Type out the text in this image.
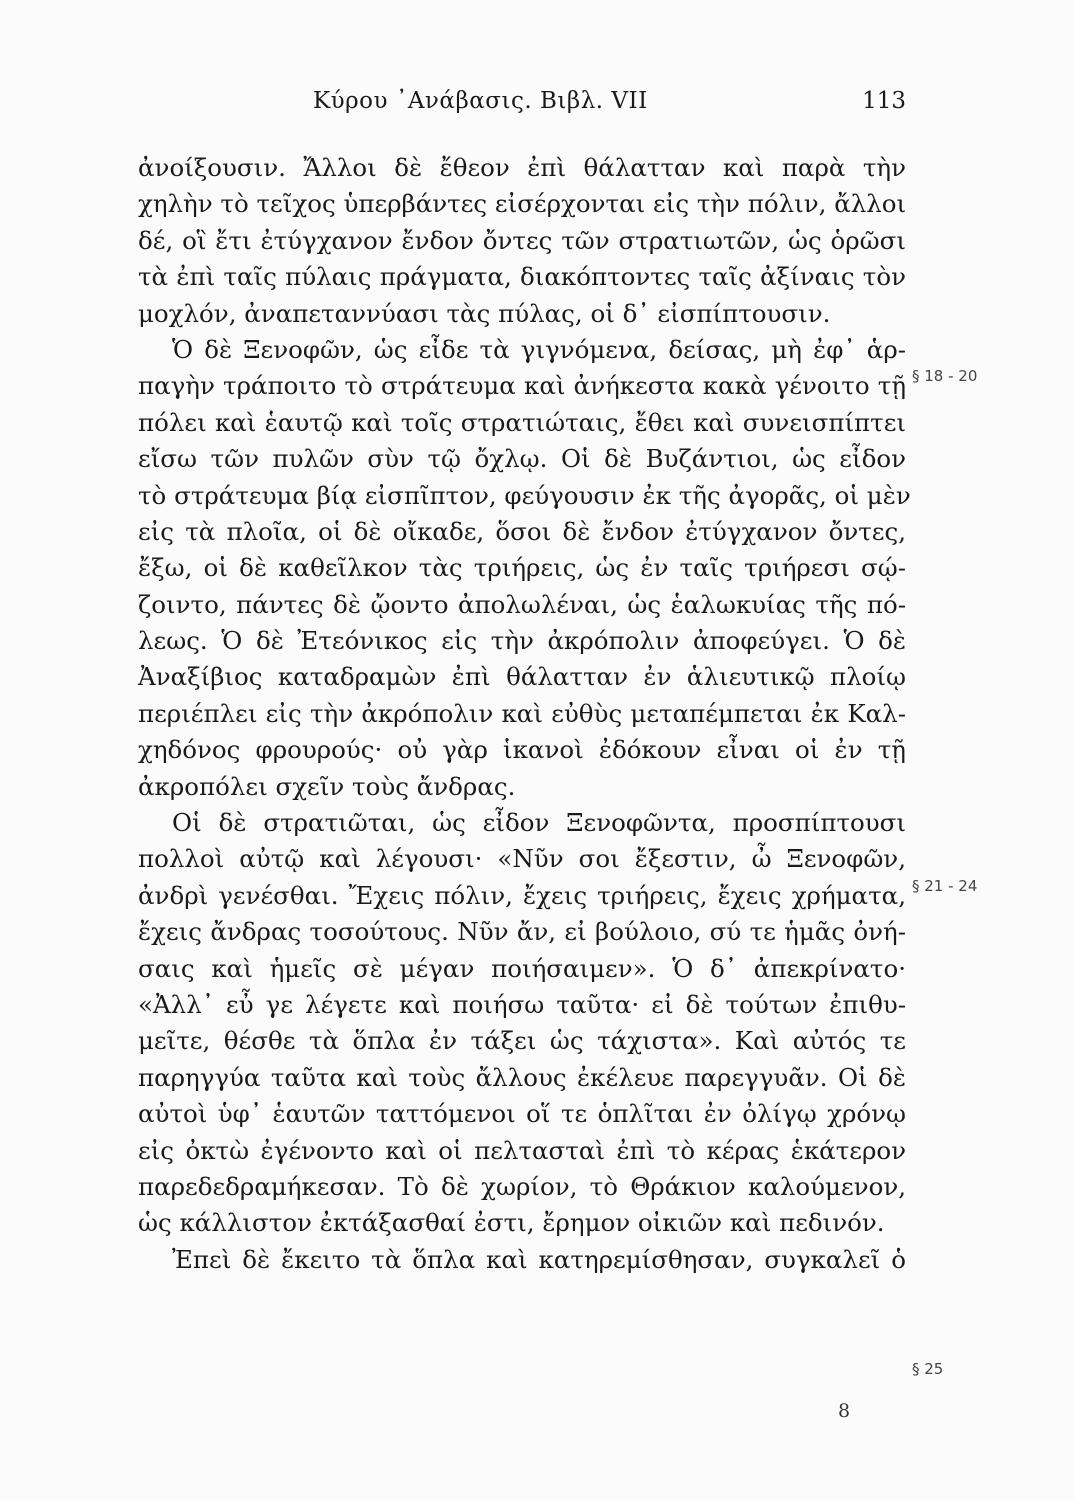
Κύρου ᾿Ανάβασις. Βιβλ. VII	113
ἀνοίξουσιν. Ἄλλοι δὲ ἔθεον ἐπὶ θάλατταν καὶ παρὰ τὴν
χηλὴν τὸ τεῖχος ὑπερβάντες εἰσέρχονται εἰς τὴν πόλιν, ἄλλοι
δέ, οἳ ἔτι ἐτύγχανον ἔνδον ὄντες τῶν στρατιωτῶν, ὡς ὁρῶσι
τὰ ἐπὶ ταῖς πύλαις πράγματα, διακόπτοντες ταῖς ἀξίναις τὸν
μοχλόν, ἀναπεταννύασι τὰς πύλας, οἱ δ᾿ εἰσπίπτουσιν.
Ὁ δὲ Ξενοφῶν, ὡς εἶδε τὰ γιγνόμενα, δείσας, μὴ ἐφ᾿ ἁρ-
παγὴν τράποιτο τὸ στράτευμα καὶ ἀνήκεστα κακὰ γένοιτο τῇ
πόλει καὶ ἑαυτῷ καὶ τοῖς στρατιώταις, ἔθει καὶ συνεισπίπτει
εἴσω τῶν πυλῶν σὺν τῷ ὄχλῳ. Οἱ δὲ Βυζάντιοι, ὡς εἶδον
τὸ στράτευμα βίᾳ εἰσπῖπτον, φεύγουσιν ἐκ τῆς ἀγορᾶς, οἱ μὲν
εἰς τὰ πλοῖα, οἱ δὲ οἴκαδε, ὅσοι δὲ ἔνδον ἐτύγχανον ὄντες,
ἔξω, οἱ δὲ καθεῖλκον τὰς τριήρεις, ὡς ἐν ταῖς τριήρεσι σῴ-
ζοιντο, πάντες δὲ ᾤοντο ἀπολωλέναι, ὡς ἑαλωκυίας τῆς πό-
λεως. Ὁ δὲ Ἐτεόνικος εἰς τὴν ἀκρόπολιν ἀποφεύγει. Ὁ δὲ
Ἀναξίβιος καταδραμὼν ἐπὶ θάλατταν ἐν ἁλιευτικῷ πλοίῳ
περιέπλει εἰς τὴν ἀκρόπολιν καὶ εὐθὺς μεταπέμπεται ἐκ Καλ-
χηδόνος φρουρούς· οὐ γὰρ ἱκανοὶ ἐδόκουν εἶναι οἱ ἐν τῇ
ἀκροπόλει σχεῖν τοὺς ἄνδρας.
Οἱ δὲ στρατιῶται, ὡς εἶδον Ξενοφῶντα, προσπίπτουσι
πολλοὶ αὐτῷ καὶ λέγουσι· «Νῦν σοι ἔξεστιν, ὦ Ξενοφῶν,
ἀνδρὶ γενέσθαι. Ἔχεις πόλιν, ἔχεις τριήρεις, ἔχεις χρήματα,
ἔχεις ἄνδρας τοσούτους. Νῦν ἄν, εἰ βούλοιο, σύ τε ἡμᾶς ὀνή-
σαις καὶ ἡμεῖς σὲ μέγαν ποιήσαιμεν». Ὁ δ᾿ ἀπεκρίνατο·
«Ἀλλ᾿ εὖ γε λέγετε καὶ ποιήσω ταῦτα· εἰ δὲ τούτων ἐπιθυ-
μεῖτε, θέσθε τὰ ὅπλα ἐν τάξει ὡς τάχιστα». Καὶ αὐτός τε
παρηγγύα ταῦτα καὶ τοὺς ἄλλους ἐκέλευε παρεγγυᾶν. Οἱ δὲ
αὐτοὶ ὑφ᾿ ἑαυτῶν ταττόμενοι οἵ τε ὁπλῖται ἐν ὀλίγῳ χρόνῳ
εἰς ὀκτὼ ἐγένοντο καὶ οἱ πελτασταὶ ἐπὶ τὸ κέρας ἑκάτερον
παρεδεδραμήκεσαν. Τὸ δὲ χωρίον, τὸ Θράκιον καλούμενον,
ὡς κάλλιστον ἐκτάξασθαί ἐστι, ἔρημον οἰκιῶν καὶ πεδινόν.
Ἐπεὶ δὲ ἔκειτο τὰ ὅπλα καὶ κατηρεμίσθησαν, συγκαλεῖ ὁ
§ 18 - 20
§ 21 - 24
§ 25
8
